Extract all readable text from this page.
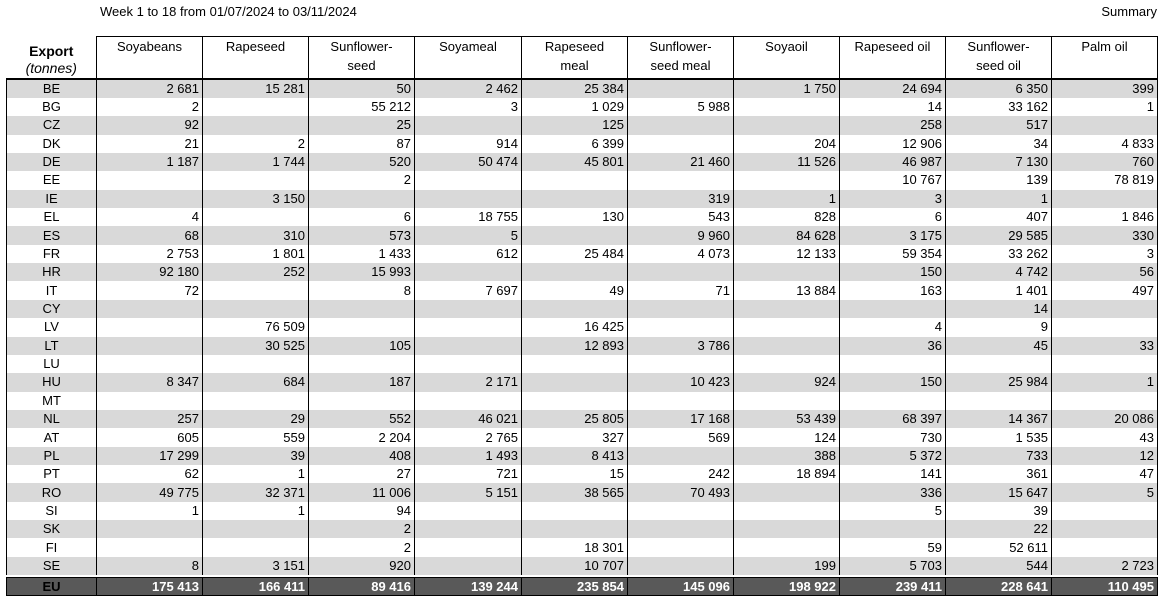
Week 1 to 18 from 01/07/2024 to 03/11/2024	Summary
Export
(tonnes)	Soyabeans	Rapeseed	Sunflower-
seed	Soyameal	Rapeseed
meal	Sunflower-
seed meal	Soyaoil	Rapeseed oil	Sunflower-
seed oil	Palm oil

BE	2 681	15 281	50	2 462	25 384		1 750	24 694	6 350	399
BG	2		55 212	3	1 029	5 988		14	33 162	1
CZ	92		25		125			258	517	
DK	21	2	87	914	6 399		204	12 906	34	4 833
DE	1 187	1 744	520	50 474	45 801	21 460	11 526	46 987	7 130	760
EE			2					10 767	139	78 819
IE		3 150				319	1	3	1	
EL	4		6	18 755	130	543	828	6	407	1 846
ES	68	310	573	5		9 960	84 628	3 175	29 585	330
FR	2 753	1 801	1 433	612	25 484	4 073	12 133	59 354	33 262	3
HR	92 180	252	15 993					150	4 742	56
IT	72		8	7 697	49	71	13 884	163	1 401	497
CY									14	
LV		76 509			16 425			4	9	
LT		30 525	105		12 893	3 786		36	45	33
LU										
HU	8 347	684	187	2 171		10 423	924	150	25 984	1
MT										
NL	257	29	552	46 021	25 805	17 168	53 439	68 397	14 367	20 086
AT	605	559	2 204	2 765	327	569	124	730	1 535	43
PL	17 299	39	408	1 493	8 413		388	5 372	733	12
PT	62	1	27	721	15	242	18 894	141	361	47
RO	49 775	32 371	11 006	5 151	38 565	70 493		336	15 647	5
SI	1	1	94					5	39	
SK			2						22	
FI			2		18 301			59	52 611	
SE	8	3 151	920		10 707		199	5 703	544	2 723

EU	175 413	166 411	89 416	139 244	235 854	145 096	198 922	239 411	228 641	110 495
